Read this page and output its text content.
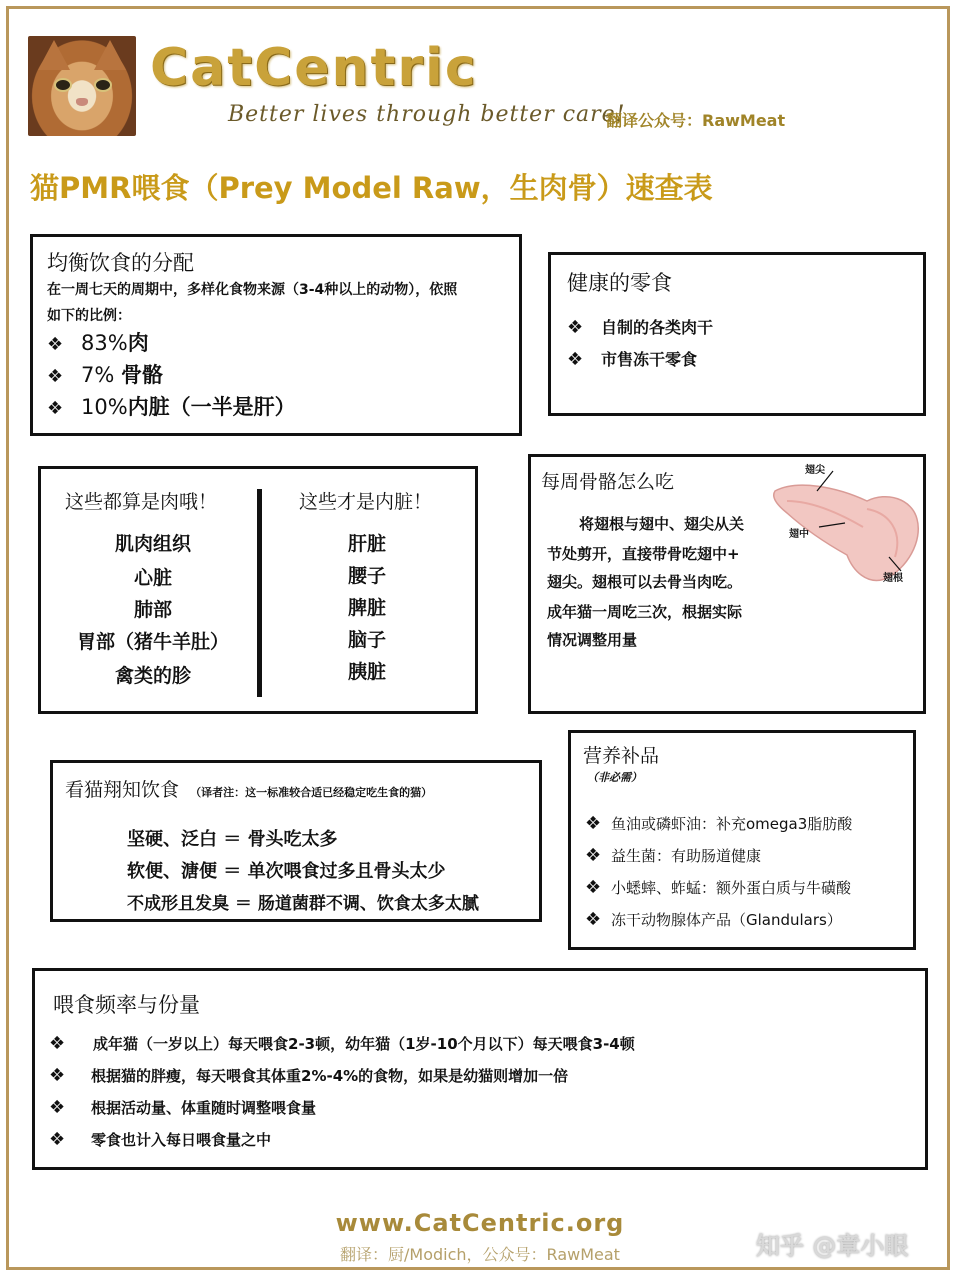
CatCentric
Better lives through better care!
翻译公众号：RawMeat
猫PMR喂食（Prey Model Raw，生肉骨）速查表
均衡饮食的分配
在一周七天的周期中，多样化食物来源（3-4种以上的动物），依照
如下的比例：
❖ 83%肉
❖ 7% 骨骼
❖ 10%内脏（一半是肝）
健康的零食
❖ 自制的各类肉干
❖ 市售冻干零食
这些都算是肉哦！
肌肉组织
心脏
肺部
胃部（猪牛羊肚）
禽类的胗
这些才是内脏！
肝脏
腰子
脾脏
脑子
胰脏
每周骨骼怎么吃
将翅根与翅中、翅尖从关
节处剪开，直接带骨吃翅中+
翅尖。翅根可以去骨当肉吃。
成年猫一周吃三次，根据实际
情况调整用量
翅尖
翅中
翅根
看猫翔知饮食 （译者注：这一标准较合适已经稳定吃生食的猫）
坚硬、泛白 ＝ 骨头吃太多
软便、溏便 ＝ 单次喂食过多且骨头太少
不成形且发臭 ＝ 肠道菌群不调、饮食太多太腻
营养补品
（非必需）
❖ 鱼油或磷虾油：补充omega3脂肪酸
❖ 益生菌：有助肠道健康
❖ 小蟋蟀、蚱蜢：额外蛋白质与牛磺酸
❖ 冻干动物腺体产品（Glandulars）
喂食频率与份量
❖ 成年猫（一岁以上）每天喂食2-3顿，幼年猫（1岁-10个月以下）每天喂食3-4顿
❖ 根据猫的胖瘦，每天喂食其体重2%-4%的食物，如果是幼猫则增加一倍
❖ 根据活动量、体重随时调整喂食量
❖ 零食也计入每日喂食量之中
www.CatCentric.org
翻译：厨/Modich，公众号：RawMeat	知乎 @章小眼
